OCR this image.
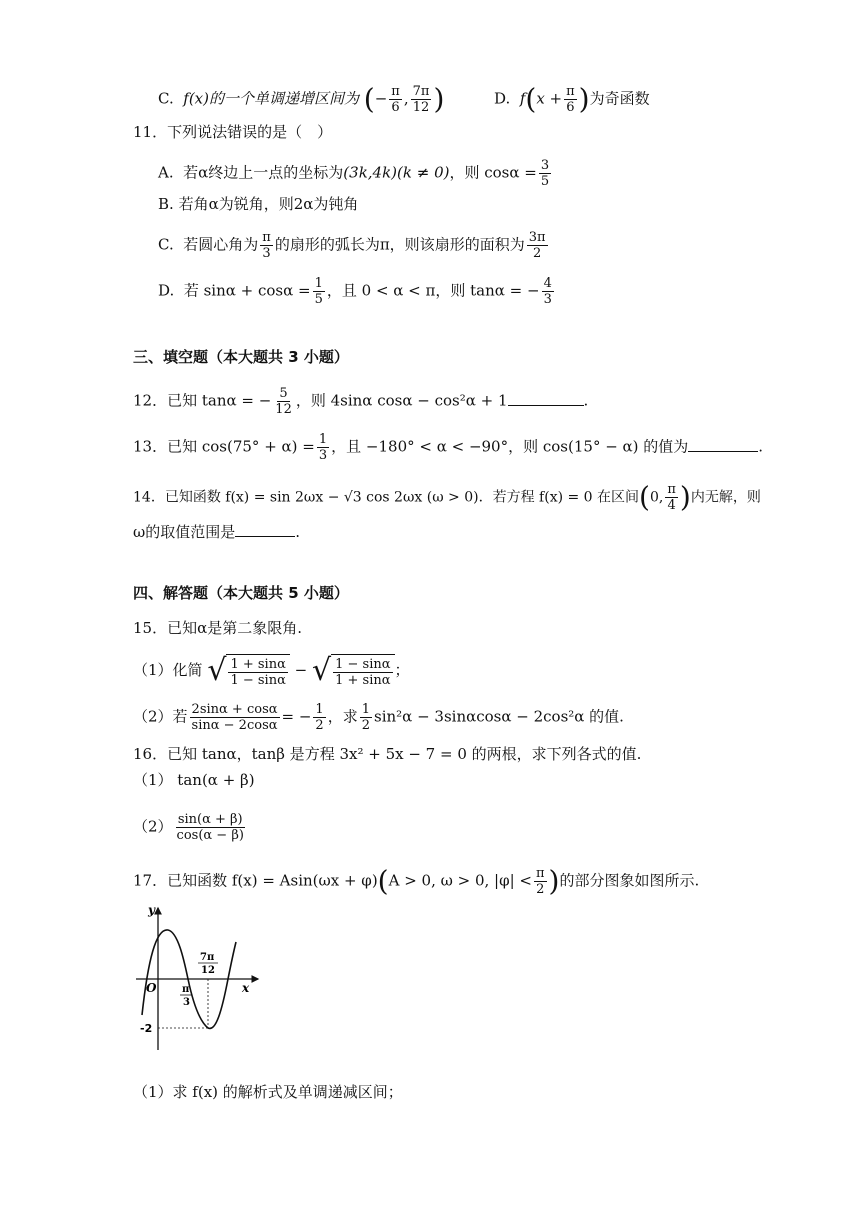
C. f(x)的一个单调递增区间为 (− $\frac{\pi}{6}$ , $\frac{7\pi}{12}$ )	D. $f(x + \frac{\pi}{6}$ )为奇函数
11．下列说法错误的是（　）
A. 若α终边上一点的坐标为(3k,4k)(k ≠ 0)，则 $\cos\alpha = \frac{3}{5}$
B. 若角α为锐角，则2α为钝角
C. 若圆心角为 $\frac{\pi}{3}$ 的扇形的弧长为π，则该扇形的面积为 $\frac{3\pi}{2}$
D. 若 $\sin\alpha + \cos\alpha = \frac{1}{5}$ ，且 0 < α < π，则 tanα = − $\frac{4}{3}$
三、填空题（本大题共 3 小题）
12．已知 tanα = − $\frac{5}{12}$ ，则 4sinα cosα − cos²α + 1	.
13．已知 $\cos(75^\circ + \alpha) = \frac{1}{3}$ ，且 −180° < α < −90°，则 cos(15° − α) 的值为	.
14．已知函数 f(x) = sin 2ωx − √3 cos 2ωx (ω > 0)．若方程 f(x) = 0 在区间(0, $\frac{\pi}{4}$ )内无解，则
ω的取值范围是	.
四、解答题（本大题共 5 小题）
15．已知α是第二象限角.
（1）化简 √ $\frac{1 + \sin\alpha}{1 - \sin\alpha}$ − √ $\frac{1 - \sin\alpha}{1 + \sin\alpha}$ ；
（2）若 $\frac{2\sin\alpha + \cos\alpha}{\sin\alpha - 2\cos\alpha}$ = − $\frac{1}{2}$ ，求 $\frac{1}{2} \sin^2\alpha - 3\sin\alpha\cos\alpha - 2\cos^2\alpha$ 的值.
16．已知 tanα，tanβ 是方程 3x² + 5x − 7 = 0 的两根，求下列各式的值.
（1） tan(α + β)
$(2) \frac{\sin(\alpha + \beta)}{\cos(\alpha - \beta)}$
17．已知函数 f(x) = Asin(ωx + φ)(A > 0, ω > 0, $|\varphi| < \frac{\pi}{2}$ )的部分图象如图所示.
y
x
O
-2
π
3
7π
12
（1）求 f(x) 的解析式及单调递减区间；
